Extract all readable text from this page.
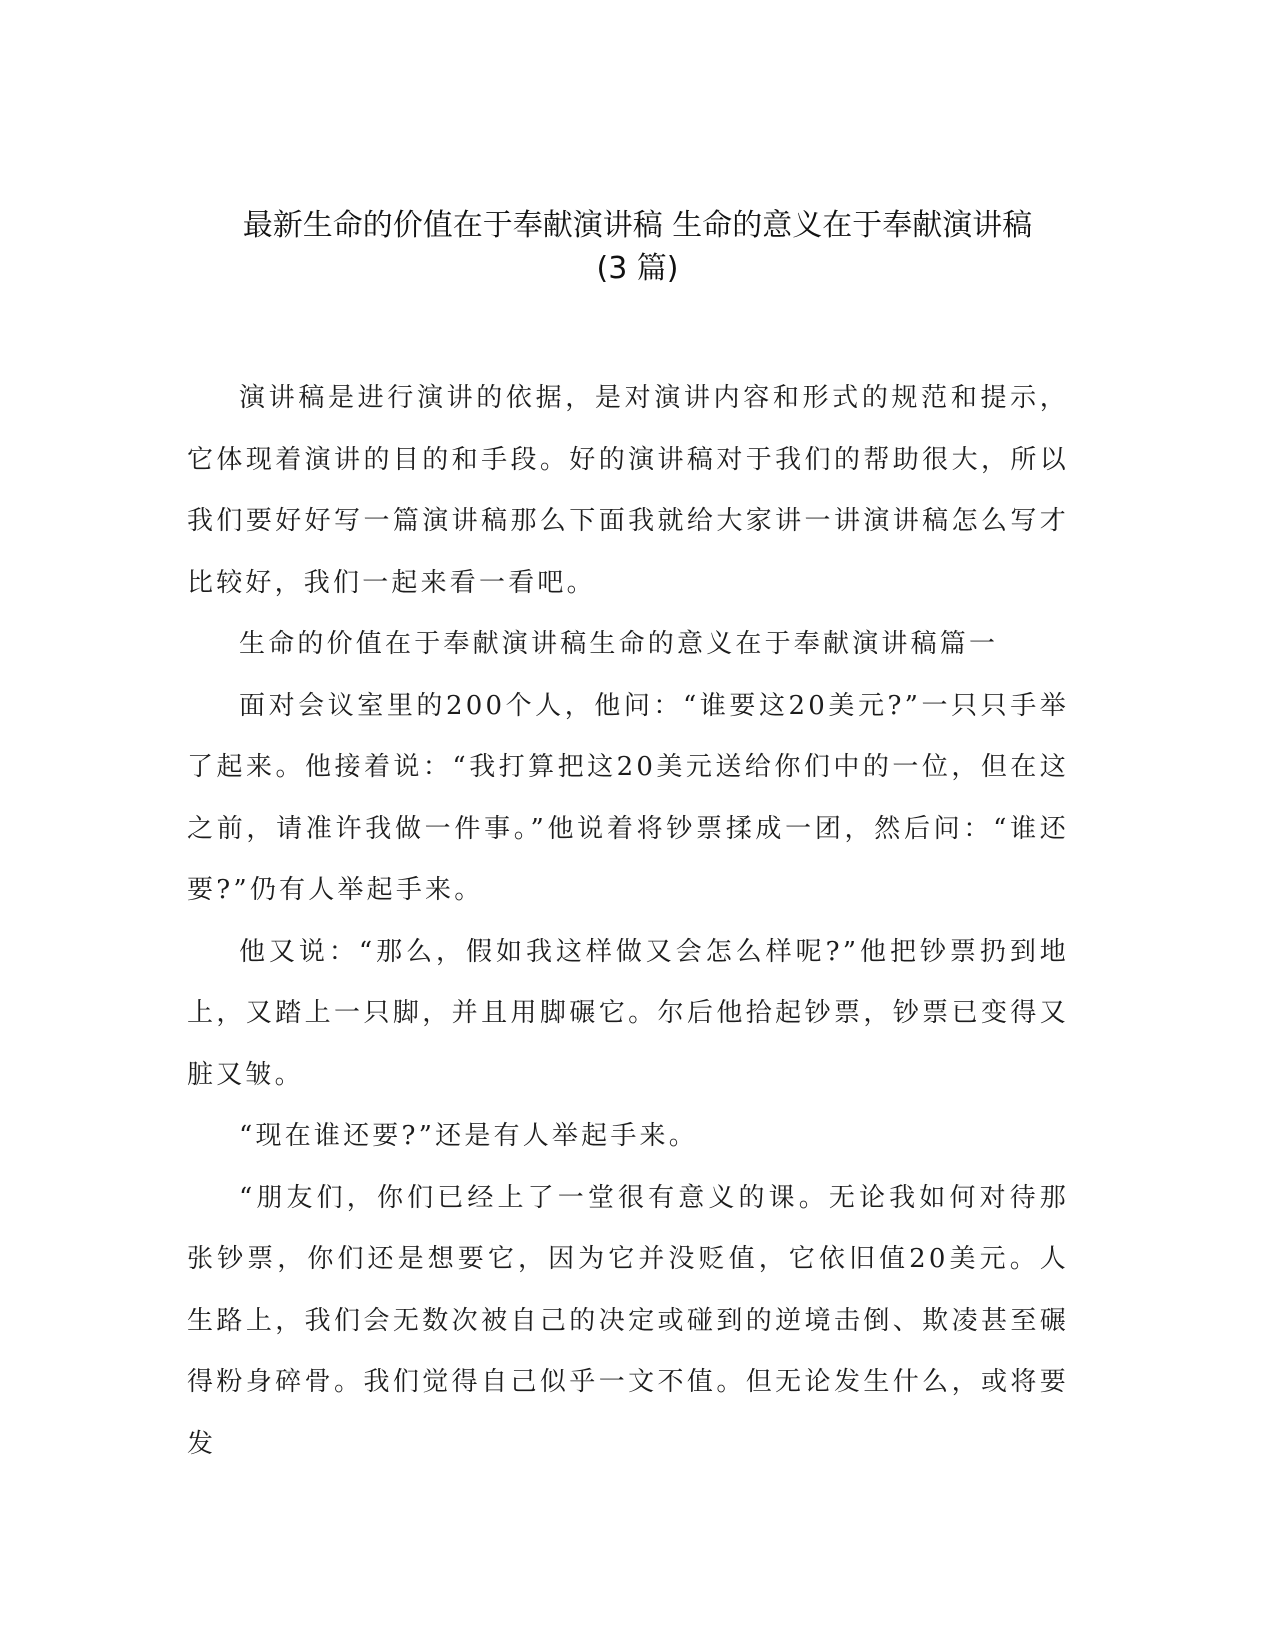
最新生命的价值在于奉献演讲稿 生命的意义在于奉献演讲稿
(3 篇)

演讲稿是进行演讲的依据，是对演讲内容和形式的规范和提示，它体现着演讲的目的和手段。好的演讲稿对于我们的帮助很大，所以我们要好好写一篇演讲稿那么下面我就给大家讲一讲演讲稿怎么写才比较好，我们一起来看一看吧。

生命的价值在于奉献演讲稿生命的意义在于奉献演讲稿篇一

面对会议室里的200个人，他问：“谁要这20美元?”一只只手举了起来。他接着说：“我打算把这20美元送给你们中的一位，但在这之前，请准许我做一件事。”他说着将钞票揉成一团，然后问：“谁还要?”仍有人举起手来。

他又说：“那么，假如我这样做又会怎么样呢?”他把钞票扔到地上，又踏上一只脚，并且用脚碾它。尔后他拾起钞票，钞票已变得又脏又皱。

“现在谁还要?”还是有人举起手来。

“朋友们，你们已经上了一堂很有意义的课。无论我如何对待那张钞票，你们还是想要它，因为它并没贬值，它依旧值20美元。人生路上，我们会无数次被自己的决定或碰到的逆境击倒、欺凌甚至碾得粉身碎骨。我们觉得自己似乎一文不值。但无论发生什么，或将要发
